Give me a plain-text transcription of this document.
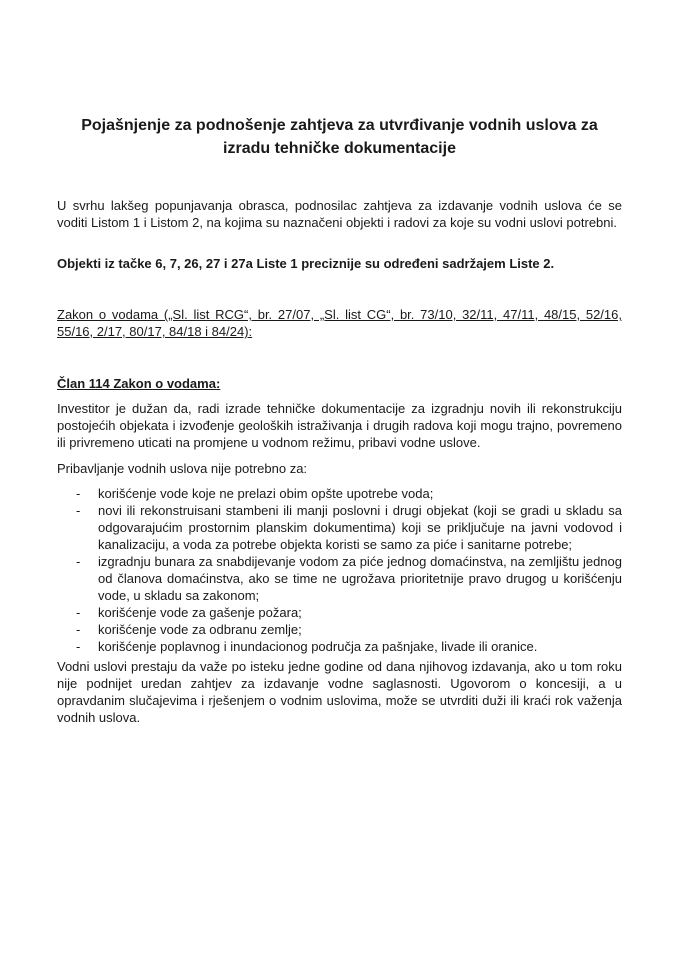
Pojašnjenje za podnošenje zahtjeva za utvrđivanje vodnih uslova za izradu tehničke dokumentacije

U svrhu lakšeg popunjavanja obrasca, podnosilac zahtjeva za izdavanje vodnih uslova će se voditi Listom 1 i Listom 2, na kojima su naznačeni objekti i radovi za koje su vodni uslovi potrebni.

Objekti iz tačke 6, 7, 26, 27 i 27a Liste 1 preciznije su određeni sadržajem Liste 2.

Zakon o vodama („Sl. list RCG“, br. 27/07, „Sl. list CG“, br. 73/10, 32/11, 47/11, 48/15, 52/16, 55/16, 2/17, 80/17, 84/18 i 84/24):

Član 114 Zakon o vodama:

Investitor je dužan da, radi izrade tehničke dokumentacije za izgradnju novih ili rekonstrukciju postojećih objekata i izvođenje geoloških istraživanja i drugih radova koji mogu trajno, povremeno ili privremeno uticati na promjene u vodnom režimu, pribavi vodne uslove.

Pribavljanje vodnih uslova nije potrebno za:

- korišćenje vode koje ne prelazi obim opšte upotrebe voda;
- novi ili rekonstruisani stambeni ili manji poslovni i drugi objekat (koji se gradi u skladu sa odgovarajućim prostornim planskim dokumentima) koji se priključuje na javni vodovod i kanalizaciju, a voda za potrebe objekta koristi se samo za piće i sanitarne potrebe;
- izgradnju bunara za snabdijevanje vodom za piće jednog domaćinstva, na zemljištu jednog od članova domaćinstva, ako se time ne ugrožava prioritetnije pravo drugog u korišćenju vode, u skladu sa zakonom;
- korišćenje vode za gašenje požara;
- korišćenje vode za odbranu zemlje;
- korišćenje poplavnog i inundacionog područja za pašnjake, livade ili oranice.

Vodni uslovi prestaju da važe po isteku jedne godine od dana njihovog izdavanja, ako u tom roku nije podnijet uredan zahtjev za izdavanje vodne saglasnosti. Ugovorom o koncesiji, a u opravdanim slučajevima i rješenjem o vodnim uslovima, može se utvrditi duži ili kraći rok važenja vodnih uslova.
